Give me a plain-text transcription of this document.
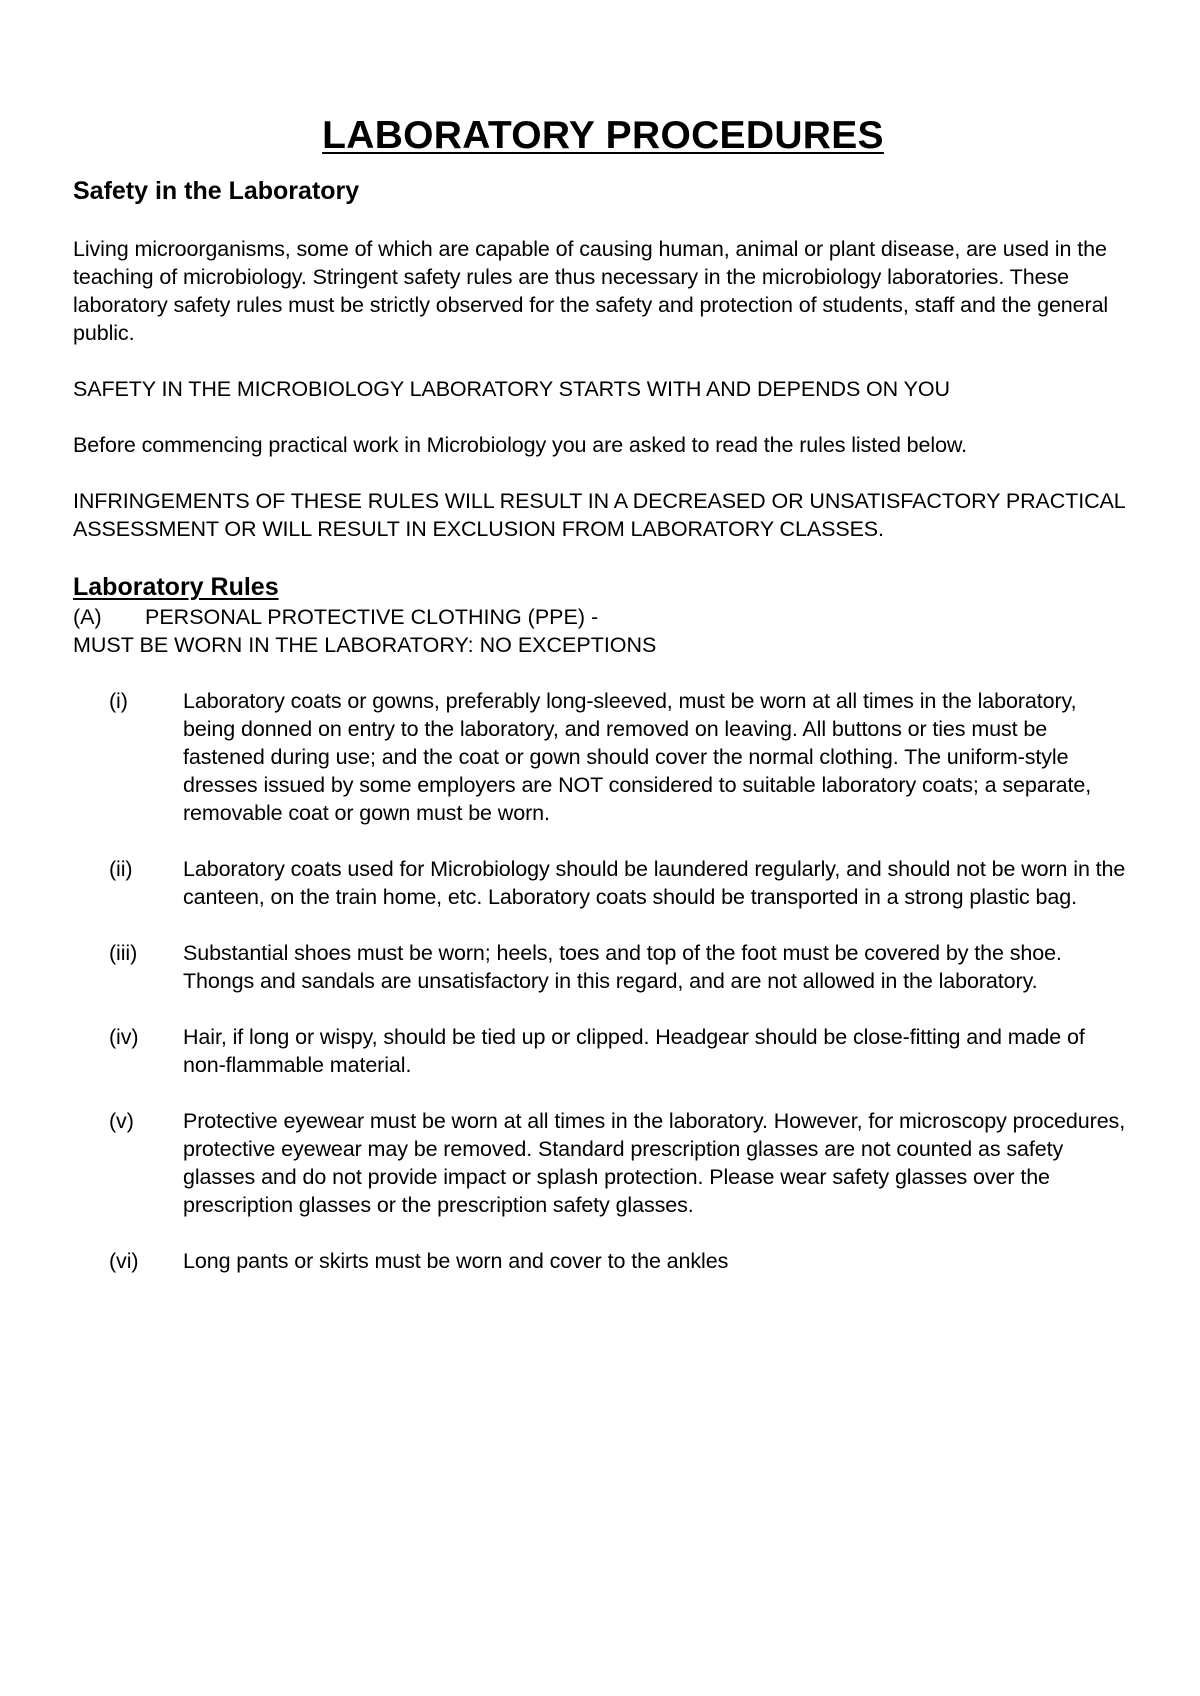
LABORATORY PROCEDURES
Safety in the Laboratory

Living microorganisms, some of which are capable of causing human, animal or plant disease, are used in the teaching of microbiology. Stringent safety rules are thus necessary in the microbiology laboratories. These laboratory safety rules must be strictly observed for the safety and protection of students, staff and the general public.

SAFETY IN THE MICROBIOLOGY LABORATORY STARTS WITH AND DEPENDS ON YOU

Before commencing practical work in Microbiology you are asked to read the rules listed below.

INFRINGEMENTS OF THESE RULES WILL RESULT IN A DECREASED OR UNSATISFACTORY PRACTICAL ASSESSMENT OR WILL RESULT IN EXCLUSION FROM LABORATORY CLASSES.

Laboratory Rules
(A)	PERSONAL PROTECTIVE CLOTHING (PPE) -

MUST BE WORN IN THE LABORATORY: NO EXCEPTIONS

(i)	Laboratory coats or gowns, preferably long-sleeved, must be worn at all times in the laboratory, being donned on entry to the laboratory, and removed on leaving. All buttons or ties must be fastened during use; and the coat or gown should cover the normal clothing. The uniform-style dresses issued by some employers are NOT considered to suitable laboratory coats; a separate, removable coat or gown must be worn.
(ii)	Laboratory coats used for Microbiology should be laundered regularly, and should not be worn in the canteen, on the train home, etc. Laboratory coats should be transported in a strong plastic bag.
(iii)	Substantial shoes must be worn; heels, toes and top of the foot must be covered by the shoe. Thongs and sandals are unsatisfactory in this regard, and are not allowed in the laboratory.
(iv)	Hair, if long or wispy, should be tied up or clipped. Headgear should be close-fitting and made of non-flammable material.
(v)	Protective eyewear must be worn at all times in the laboratory. However, for microscopy procedures, protective eyewear may be removed. Standard prescription glasses are not counted as safety glasses and do not provide impact or splash protection. Please wear safety glasses over the prescription glasses or the prescription safety glasses.
(vi)	Long pants or skirts must be worn and cover to the ankles
